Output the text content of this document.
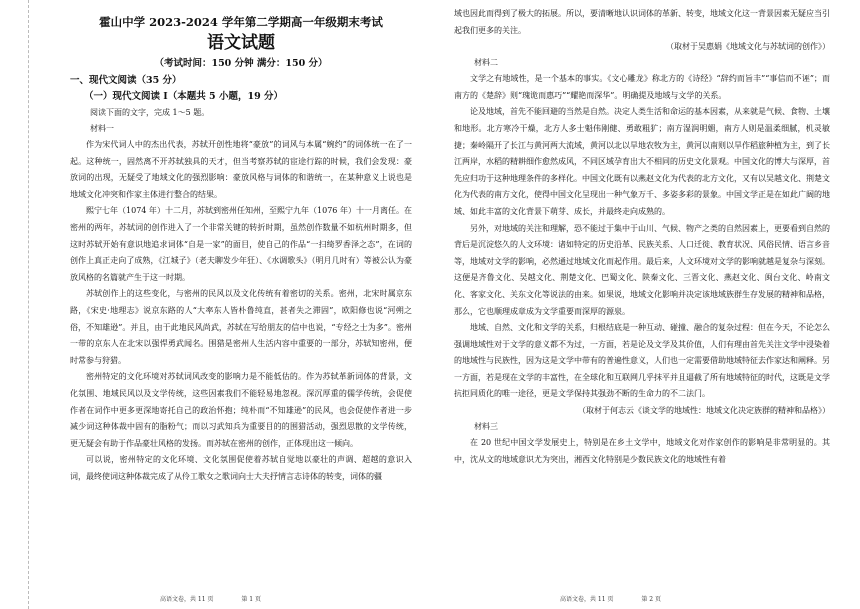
霍山中学 2023-2024 学年第二学期高一年级期末考试
语文试题
（考试时间：150 分钟 满分：150 分）
一、现代文阅读（35 分）
（一）现代文阅读 I（本题共 5 小题，19 分）
阅读下面的文字，完成 1～5 题。
材料一

作为宋代词人中的杰出代表，苏轼开创性地将“豪放”的词风与本属“婉约”的词体统一在了一起。这种统一，固然离不开苏轼独具的天才，但当考察苏轼的宦途行踪的时候，我们会发现：豪放词的出现，无疑受了地域文化的强烈影响：豪放风格与词体的和谐统一，在某种意义上说也是地域文化冲突和作家主体进行整合的结果。

熙宁七年（1074 年）十二月，苏轼到密州任知州，至熙宁九年（1076 年）十一月离任。在密州的两年，苏轼词的创作进入了一个非常关键的转折时期，虽然创作数量不如杭州时期多，但这时苏轼开始有意识地追求词体“自是一家”的面目，使自己的作品“一扫绮罗香泽之态”，在词的创作上真正走向了成熟，《江城子》（老夫聊发少年狂）、《水调歌头》（明月几时有）等被公认为豪放风格的名篇就产生于这一时期。

苏轼创作上的这些变化，与密州的民风以及文化传统有着密切的关系。密州，北宋时属京东路，《宋史·地理志》说京东路的人“大率东人皆朴鲁纯直，甚者失之滞固”，欧阳修也说“河朔之俗，不知雄逊”。并且，由于此地民风尚武，苏轼在写给朋友的信中也说，“专经之士为多”。密州一带的京东人在北宋以强悍勇武闻名。围猎是密州人生活内容中重要的一部分，苏轼知密州，便时常参与狩猎。

密州特定的文化环境对苏轼词风改变的影响力是不能低估的。作为苏轼革新词体的背景，文化氛围、地域民风以及文学传统，这些因素我们不能轻易地忽视。深沉厚重的儒学传统，会促使作者在词作中更多更深地寄托自己的政治怀抱；纯朴而“不知雄逊”的民风，也会促使作者进一步减少词这种体裁中固有的脂粉气；而以习武知兵为重要目的的围猎活动，强烈思散的文学传统，更无疑会有助于作品豪壮风格的发扬。而苏轼在密州的创作，正体现出这一倾向。

可以说，密州特定的文化环境、文化氛围促使着苏轼自觉地以豪壮的声调、超越的意识入词，最终使词这种体裁完成了从伶工歌女之歌词向士大夫抒情言志诗体的转变，词体的疆

域也因此而得到了极大的拓展。所以，要清晰地认识词体的革新、转变，地域文化这一背景因素无疑应当引起我们更多的关注。

（取材于吴惠娟《地域文化与苏轼词的创作》）
材料二

文学之有地域性，是一个基本的事实。《文心雕龙》称北方的《诗经》“辞约而旨丰”“事信而不诬”；而南方的《楚辞》则“瑰诡而惠巧”“耀艳而深华”。明确提及地域与文学的关系。

论及地域，首先不能回避的当然是自然。决定人类生活和命运的基本因素，从来就是气候、食物、土壤和地形。北方寒冷干燥，北方人多士魁伟刚健、勇敢粗犷；南方湿润明媚，南方人则是温柔细腻，机灵敏捷；秦岭隔开了长江与黄河两大流域，黄河以北以旱地农牧为主，黄河以南则以旱作稻旅种植为主，到了长江两岸，水稻的精耕细作愈然成风，不同区域孕育出大不相同的历史文化景观。中国文化的博大与深厚，首先应归功于这种地理条件的多样化。中国文化既有以燕赵文化为代表的北方文化，又有以吴越文化、荆楚文化为代表的南方文化，使得中国文化呈现出一种气象万千、多姿多彩的景象。中国文学正是在如此广阔的地域、如此丰富的文化背景下萌芽、成长，并最终走向成熟的。

另外，对地域的关注和理解，恐不能过于集中于山川、气候、物产之类的自然因素上，更要看到自然的背后是沉淀悠久的人文环境：诸如特定的历史沿革、民族关系、人口迁徙、教育状况、风俗民情、语言乡音等，地域对文学的影响，必然通过地域文化而起作用。最后来，人文环境对文学的影响就越是复杂与深刻。这便是齐鲁文化、吴越文化、荆楚文化、巴蜀文化、陕秦文化、三晋文化、燕赵文化、闽台文化、岭南文化、客家文化、关东文化等说法的由来。如果说，地域文化影响并决定该地域族群生存发展的精神和品格，那么，它也顺理成章成为文学重要而深厚的源泉。

地域、自然、文化和文学的关系，归根结底是一种互动、碰撞、融合的复杂过程：但在今天，不论怎么强调地域性对于文学的意义都不为过，一方面，若是论及文学及其价值，人们有理由首先关注文学中浸染着的地域性与民族性，因为这是文学中带有的普遍性意义，人们也一定需要借助地域特征去作家达和阐释。另一方面，若是现在文学的丰富性，在全球化和互联网几乎抹平并且逼截了所有地域特征的时代，这既是文学抗拒同质化的唯一途径，更是文学保持其强劲不断的生命力的不二法门。

（取材于何志云《谈文学的地域性：地域文化决定族群的精神和品格》）
材料三

在 20 世纪中国文学发展史上，特别是在乡土文学中，地域文化对作家创作的影响是非常明显的。其中，沈从文的地域意识尤为突出，湘西文化特别是少数民族文化的地域性有着

高语文卷，共 11 页	第 1 页	高语文卷，共 11 页	第 2 页
